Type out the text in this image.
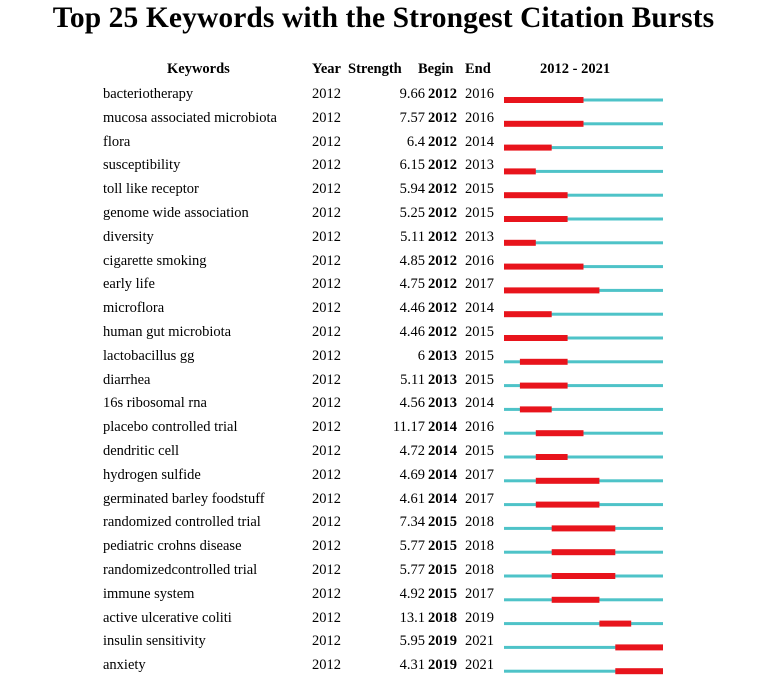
Top 25 Keywords with the Strongest Citation Bursts
Keywords	Year Strength Begin End	2012 - 2021
bacteriotherapy	2012	9.66 2012 2016
mucosa associated microbiota 2012	7.57 2012 2016
flora	2012	6.4 2012 2014
susceptibility	2012	6.15 2012 2013
toll like receptor	2012	5.94 2012 2015
genome wide association	2012	5.25 2012 2015
diversity	2012	5.11 2012 2013
cigarette smoking	2012	4.85 2012 2016
early life	2012	4.75 2012 2017
microflora	2012	4.46 2012 2014
human gut microbiota	2012	4.46 2012 2015
lactobacillus gg	2012	6 2013 2015
diarrhea	2012	5.11 2013 2015
16s ribosomal rna	2012	4.56 2013 2014
placebo controlled trial	2012	11.17 2014 2016
dendritic cell	2012	4.72 2014 2015
hydrogen sulfide	2012	4.69 2014 2017
germinated barley foodstuff	2012	4.61 2014 2017
randomized controlled trial	2012	7.34 2015 2018
pediatric crohns disease	2012	5.77 2015 2018
randomizedcontrolled trial	2012	5.77 2015 2018
immune system	2012	4.92 2015 2017
active ulcerative coliti	2012	13.1 2018 2019
insulin sensitivity	2012	5.95 2019 2021
anxiety	2012	4.31 2019 2021
